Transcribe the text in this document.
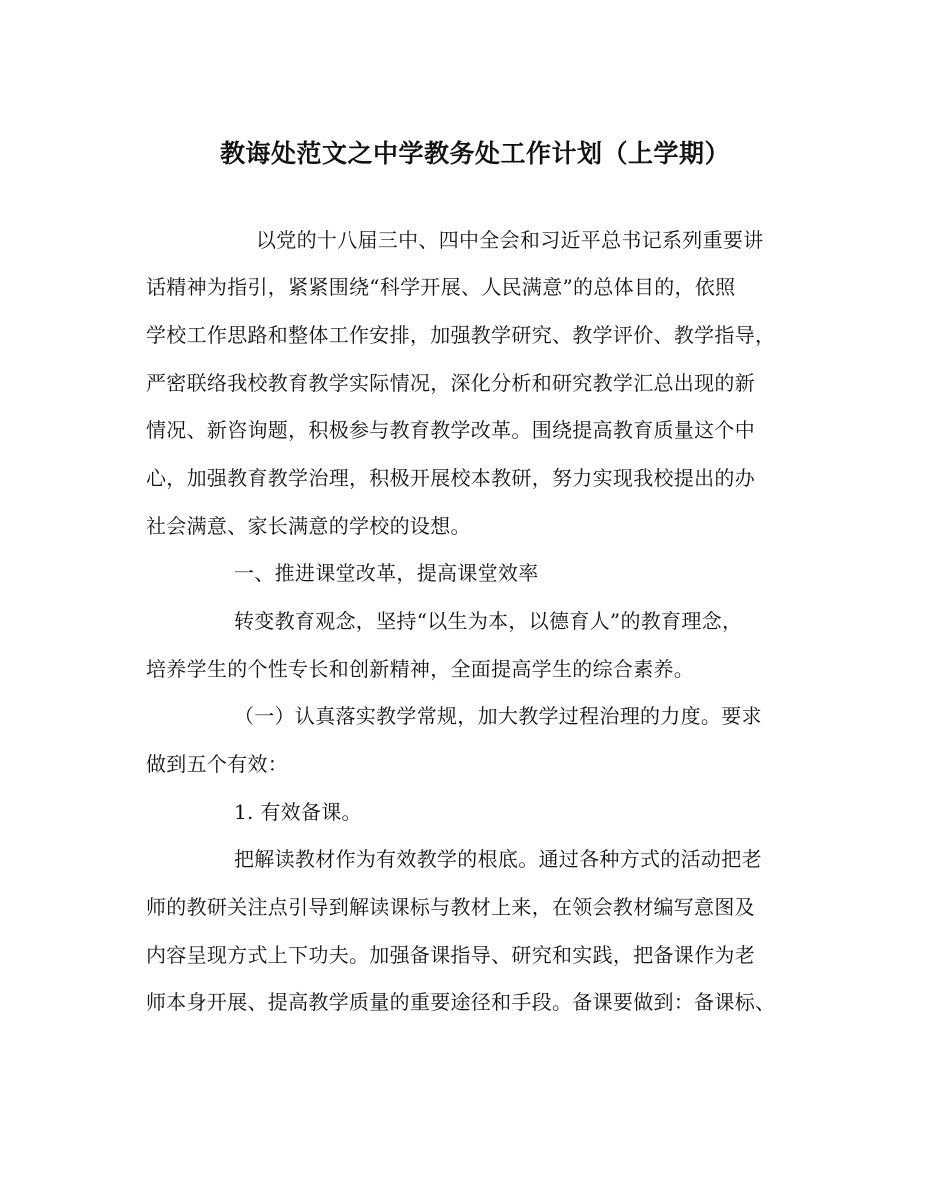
教诲处范文之中学教务处工作计划（上学期）
以党的十八届三中、四中全会和习近平总书记系列重要讲
话精神为指引，紧紧围绕“科学开展、人民满意”的总体目的，依照
学校工作思路和整体工作安排，加强教学研究、教学评价、教学指导，
严密联络我校教育教学实际情况，深化分析和研究教学汇总出现的新
情况、新咨询题，积极参与教育教学改革。围绕提高教育质量这个中
心，加强教育教学治理，积极开展校本教研，努力实现我校提出的办
社会满意、家长满意的学校的设想。
一、推进课堂改革，提高课堂效率
转变教育观念，坚持“以生为本，以德育人”的教育理念，
培养学生的个性专长和创新精神，全面提高学生的综合素养。
（一）认真落实教学常规，加大教学过程治理的力度。要求
做到五个有效：
1. 有效备课。
把解读教材作为有效教学的根底。通过各种方式的活动把老
师的教研关注点引导到解读课标与教材上来，在领会教材编写意图及
内容呈现方式上下功夫。加强备课指导、研究和实践，把备课作为老
师本身开展、提高教学质量的重要途径和手段。备课要做到：备课标、
